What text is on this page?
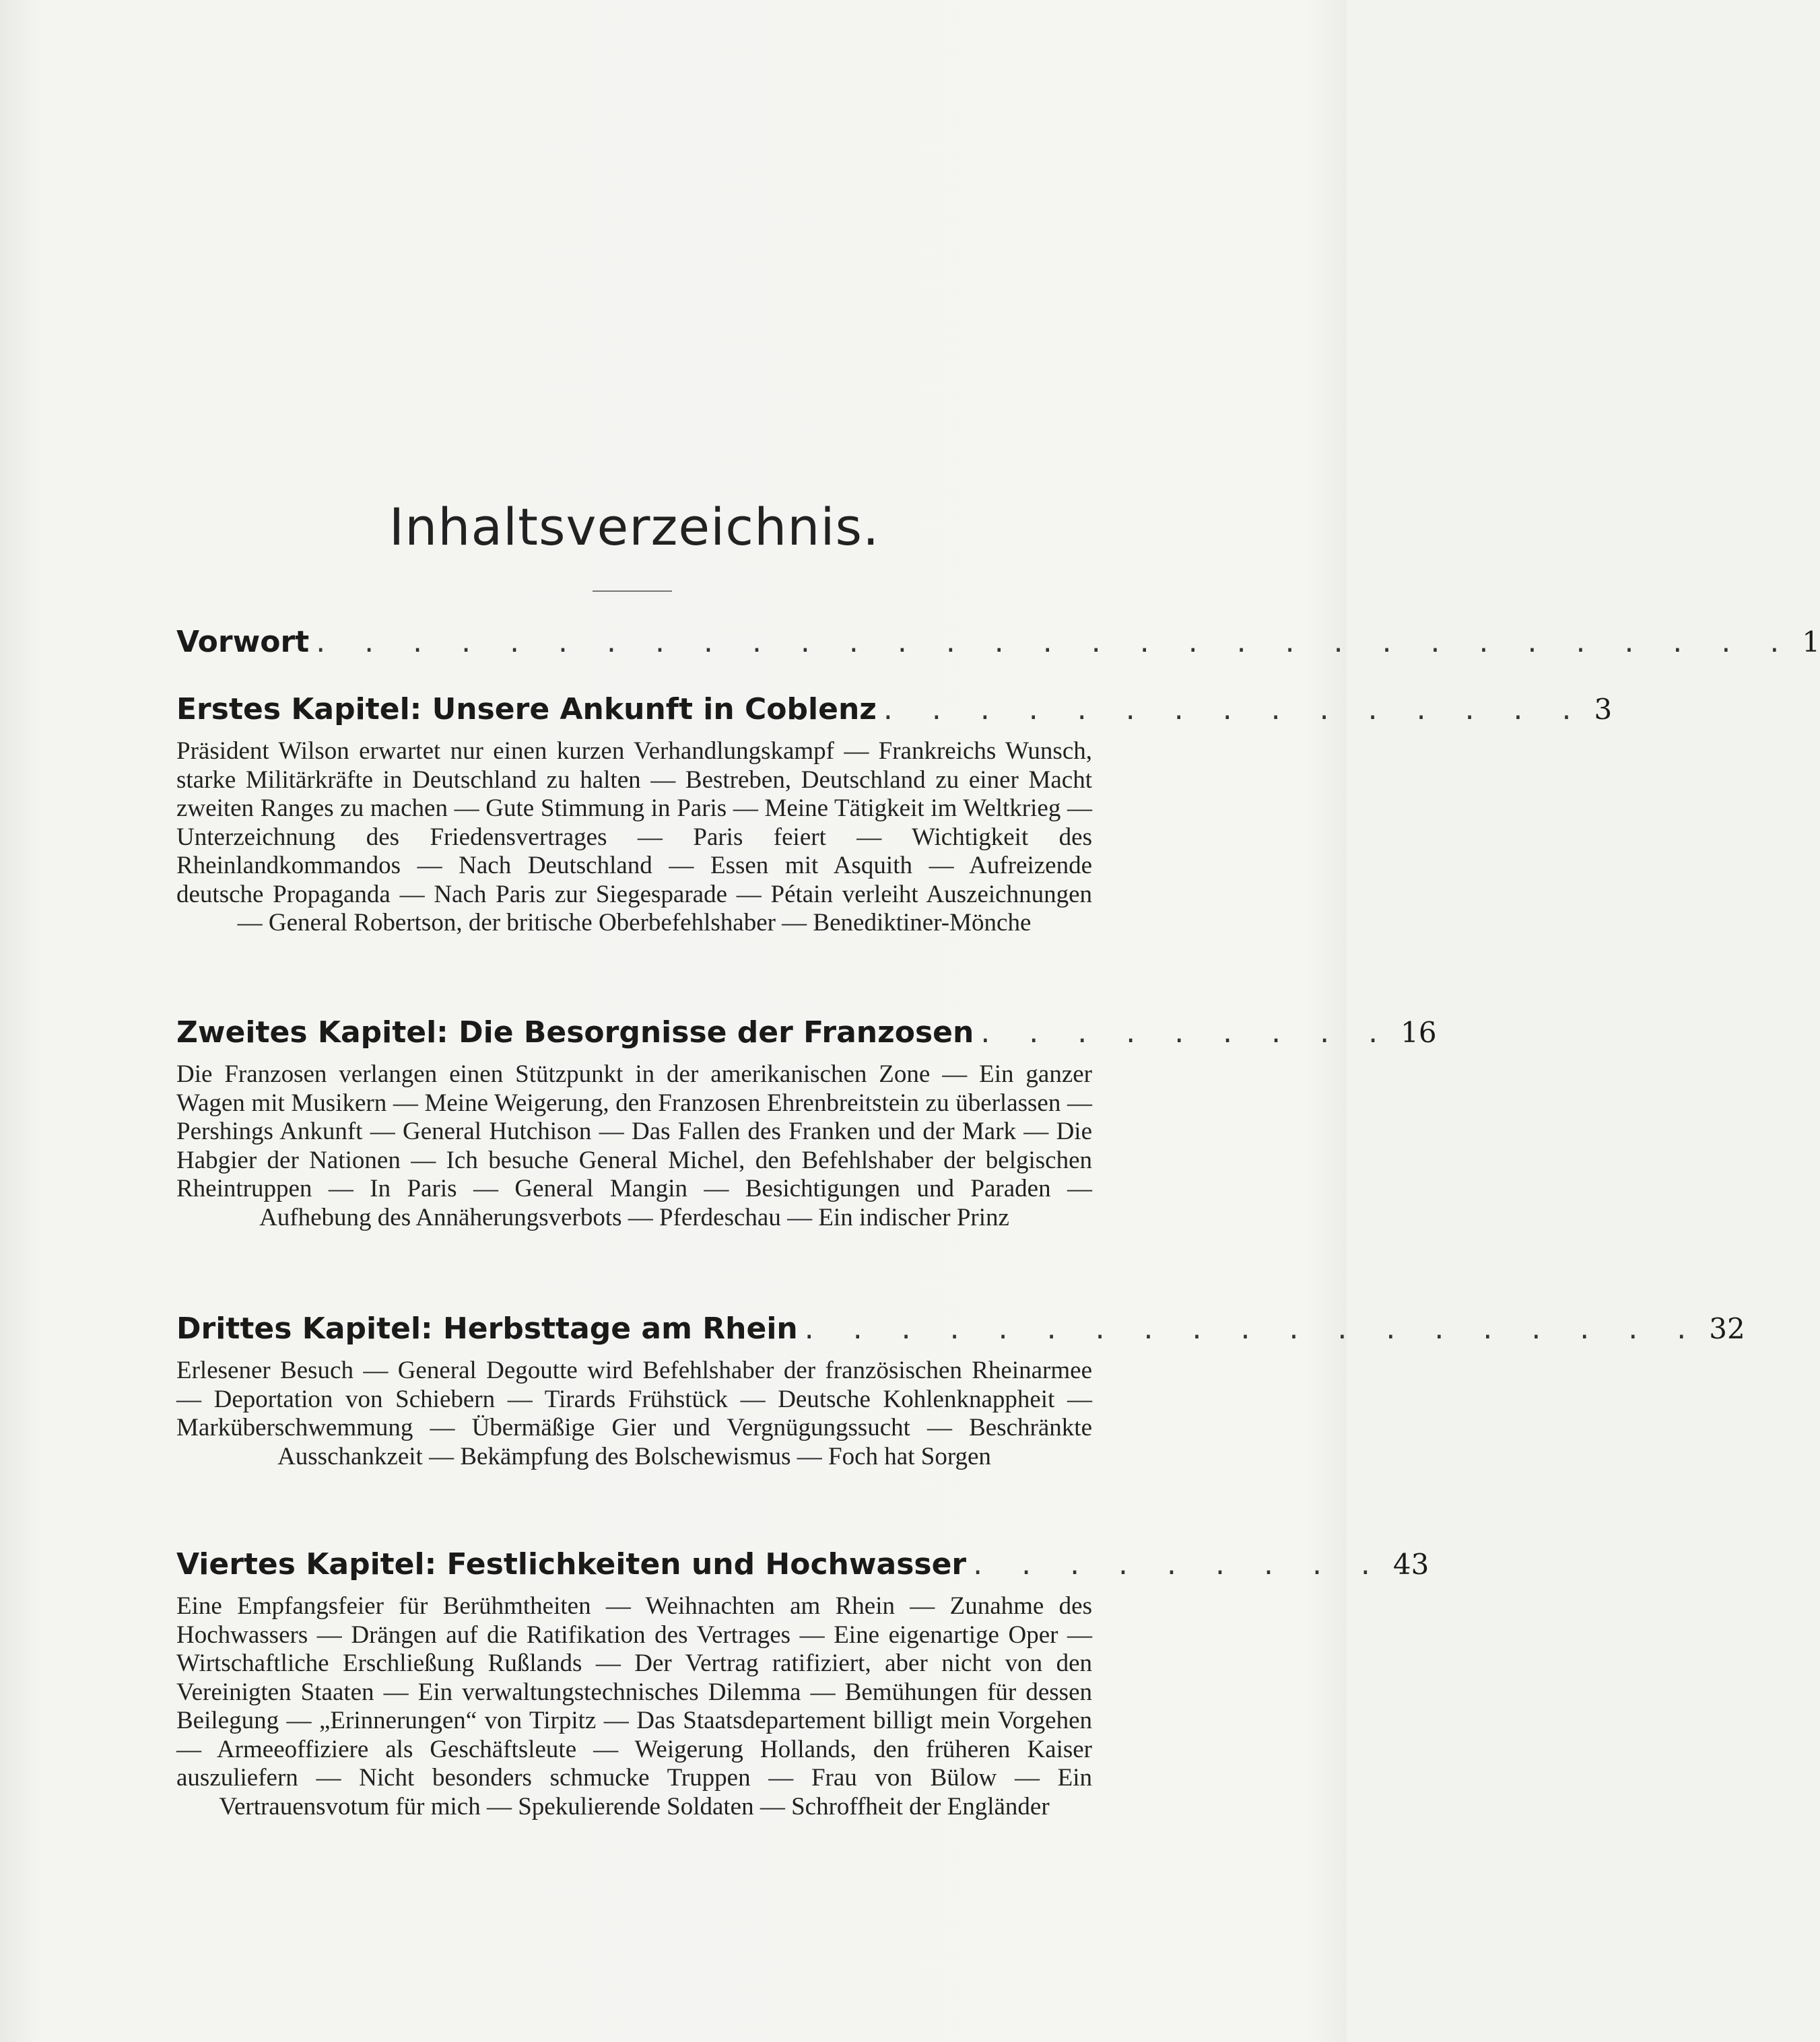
Inhaltsverzeichnis.
Vorwort . . . . . . . . . . . . . . . . . . . . . . . . . . . . . . . 1
Erstes Kapitel: Unsere Ankunft in Coblenz . . . . . . . . . . . . . . . 3
Präsident Wilson erwartet nur einen kurzen Verhandlungskampf — Frankreichs Wunsch, starke Militärkräfte in Deutschland zu halten — Bestreben, Deutschland zu einer Macht zweiten Ranges zu machen — Gute Stimmung in Paris — Meine Tätigkeit im Weltkrieg — Unterzeichnung des Friedensvertrages — Paris feiert — Wichtigkeit des Rheinlandkommandos — Nach Deutschland — Essen mit Asquith — Aufreizende deutsche Propaganda — Nach Paris zur Siegesparade — Pétain verleiht Auszeichnungen — General Robertson, der britische Oberbefehlshaber — Benediktiner-Mönche
Zweites Kapitel: Die Besorgnisse der Franzosen . . . . . . . . . 16
Die Franzosen verlangen einen Stützpunkt in der amerikanischen Zone — Ein ganzer Wagen mit Musikern — Meine Weigerung, den Franzosen Ehrenbreitstein zu überlassen — Pershings Ankunft — General Hutchison — Das Fallen des Franken und der Mark — Die Habgier der Nationen — Ich besuche General Michel, den Befehlshaber der belgischen Rheintruppen — In Paris — General Mangin — Besichtigungen und Paraden — Aufhebung des Annäherungsverbots — Pferdeschau — Ein indischer Prinz
Drittes Kapitel: Herbsttage am Rhein . . . . . . . . . . . . . . . . . . . 32
Erlesener Besuch — General Degoutte wird Befehlshaber der französischen Rheinarmee — Deportation von Schiebern — Tirards Frühstück — Deutsche Kohlenknappheit — Marküberschwemmung — Übermäßige Gier und Vergnügungssucht — Beschränkte Ausschankzeit — Bekämpfung des Bolschewismus — Foch hat Sorgen
Viertes Kapitel: Festlichkeiten und Hochwasser . . . . . . . . . 43
Eine Empfangsfeier für Berühmtheiten — Weihnachten am Rhein — Zunahme des Hochwassers — Drängen auf die Ratifikation des Vertrages — Eine eigenartige Oper — Wirtschaftliche Erschließung Rußlands — Der Vertrag ratifiziert, aber nicht von den Vereinigten Staaten — Ein verwaltungstechnisches Dilemma — Bemühungen für dessen Beilegung — „Erinnerungen“ von Tirpitz — Das Staatsdepartement billigt mein Vorgehen — Armeeoffiziere als Geschäftsleute — Weigerung Hollands, den früheren Kaiser auszuliefern — Nicht besonders schmucke Truppen — Frau von Bülow — Ein Vertrauensvotum für mich — Spekulierende Soldaten — Schroffheit der Engländer
